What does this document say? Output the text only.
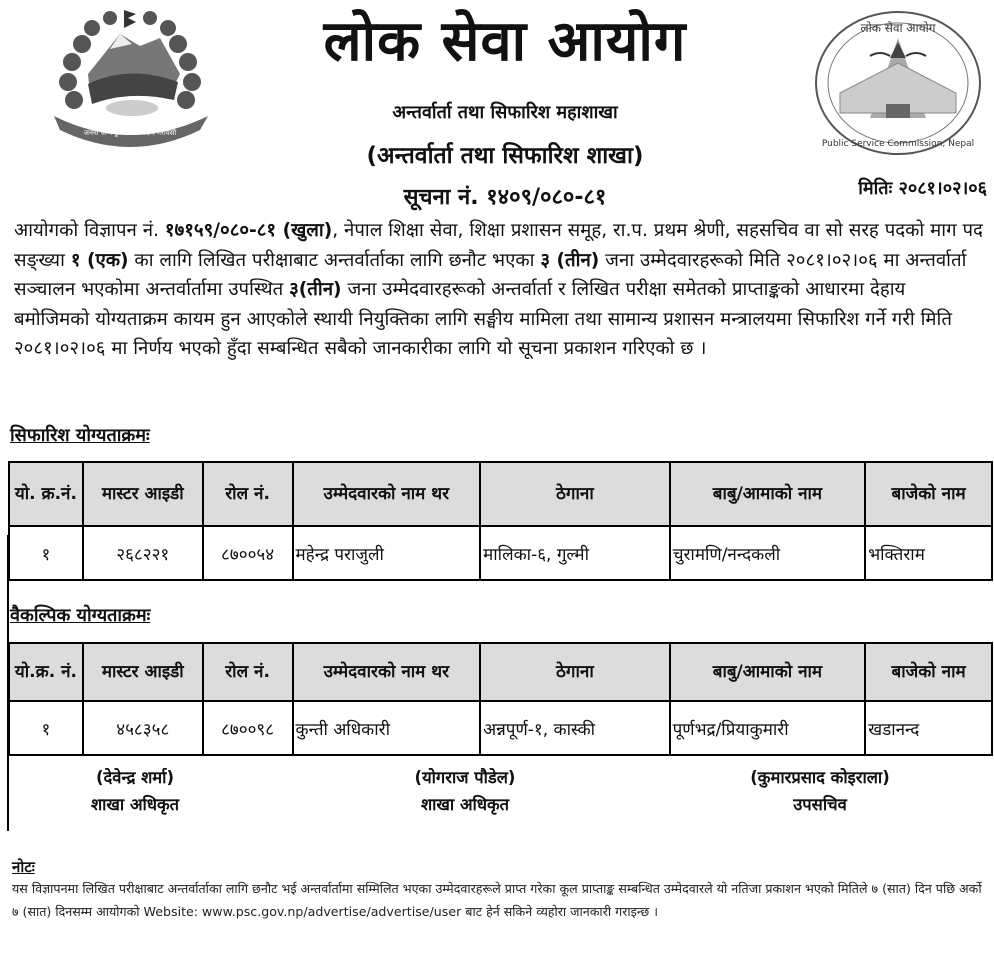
जननी जन्मभूमिश्च स्वर्गादपि गरीयसी
लोक सेवा आयोग
Public Service Commission, Nepal
लोक सेवा आयोग
अन्तर्वार्ता तथा सिफारिश महाशाखा
(अन्तर्वार्ता तथा सिफारिश शाखा)
सूचना नं. १४०९/०८०-८१	मितिः २०८१।०२।०६
आयोगको विज्ञापन नं. १७१५९/०८०-८१ (खुला), नेपाल शिक्षा सेवा, शिक्षा प्रशासन समूह, रा.प. प्रथम श्रेणी, सहसचिव वा सो सरह पदको माग पद सङ्ख्या १ (एक) का लागि लिखित परीक्षाबाट अन्तर्वार्ताका लागि छनौट भएका ३ (तीन) जना उम्मेदवारहरूको मिति २०८१।०२।०६ मा अन्तर्वार्ता सञ्चालन भएकोमा अन्तर्वार्तामा उपस्थित ३(तीन) जना उम्मेदवारहरूको अन्तर्वार्ता र लिखित परीक्षा समेतको प्राप्ताङ्कको आधारमा देहाय बमोजिमको योग्यताक्रम कायम हुन आएकोले स्थायी नियुक्तिका लागि सङ्घीय मामिला तथा सामान्य प्रशासन मन्त्रालयमा सिफारिश गर्ने गरी मिति २०८१।०२।०६ मा निर्णय भएको हुँदा सम्बन्धित सबैको जानकारीका लागि यो सूचना प्रकाशन गरिएको छ ।
सिफारिश योग्यताक्रमः
यो. क्र.नं.	मास्टर आइडी	रोल नं.	उम्मेदवारको नाम थर	ठेगाना	बाबु/आमाको नाम	बाजेको नाम
१	२६८२२१	८७००५४	महेन्द्र पराजुली	मालिका-६, गुल्मी	चुरामणि/नन्दकली	भक्तिराम
वैकल्पिक योग्यताक्रमः
यो.क्र. नं.	मास्टर आइडी	रोल नं.	उम्मेदवारको नाम थर	ठेगाना	बाबु/आमाको नाम	बाजेको नाम
१	४५८३५८	८७००९८	कुन्ती अधिकारी	अन्नपूर्ण-१, कास्की	पूर्णभद्र/प्रियाकुमारी	खडानन्द
(देवेन्द्र शर्मा)
शाखा अधिकृत
(योगराज पौडेल)
शाखा अधिकृत
(कुमारप्रसाद कोइराला)
उपसचिव
नोटः
यस विज्ञापनमा लिखित परीक्षाबाट अन्तर्वार्ताका लागि छनौट भई अन्तर्वार्तामा सम्मिलित भएका उम्मेदवारहरूले प्राप्त गरेका कूल प्राप्ताङ्क सम्बन्धित उम्मेदवारले यो नतिजा प्रकाशन भएको मितिले ७ (सात) दिन पछि अर्को ७ (सात) दिनसम्म आयोगको Website: www.psc.gov.np/advertise/advertise/user बाट हेर्न सकिने व्यहोरा जानकारी गराइन्छ ।
